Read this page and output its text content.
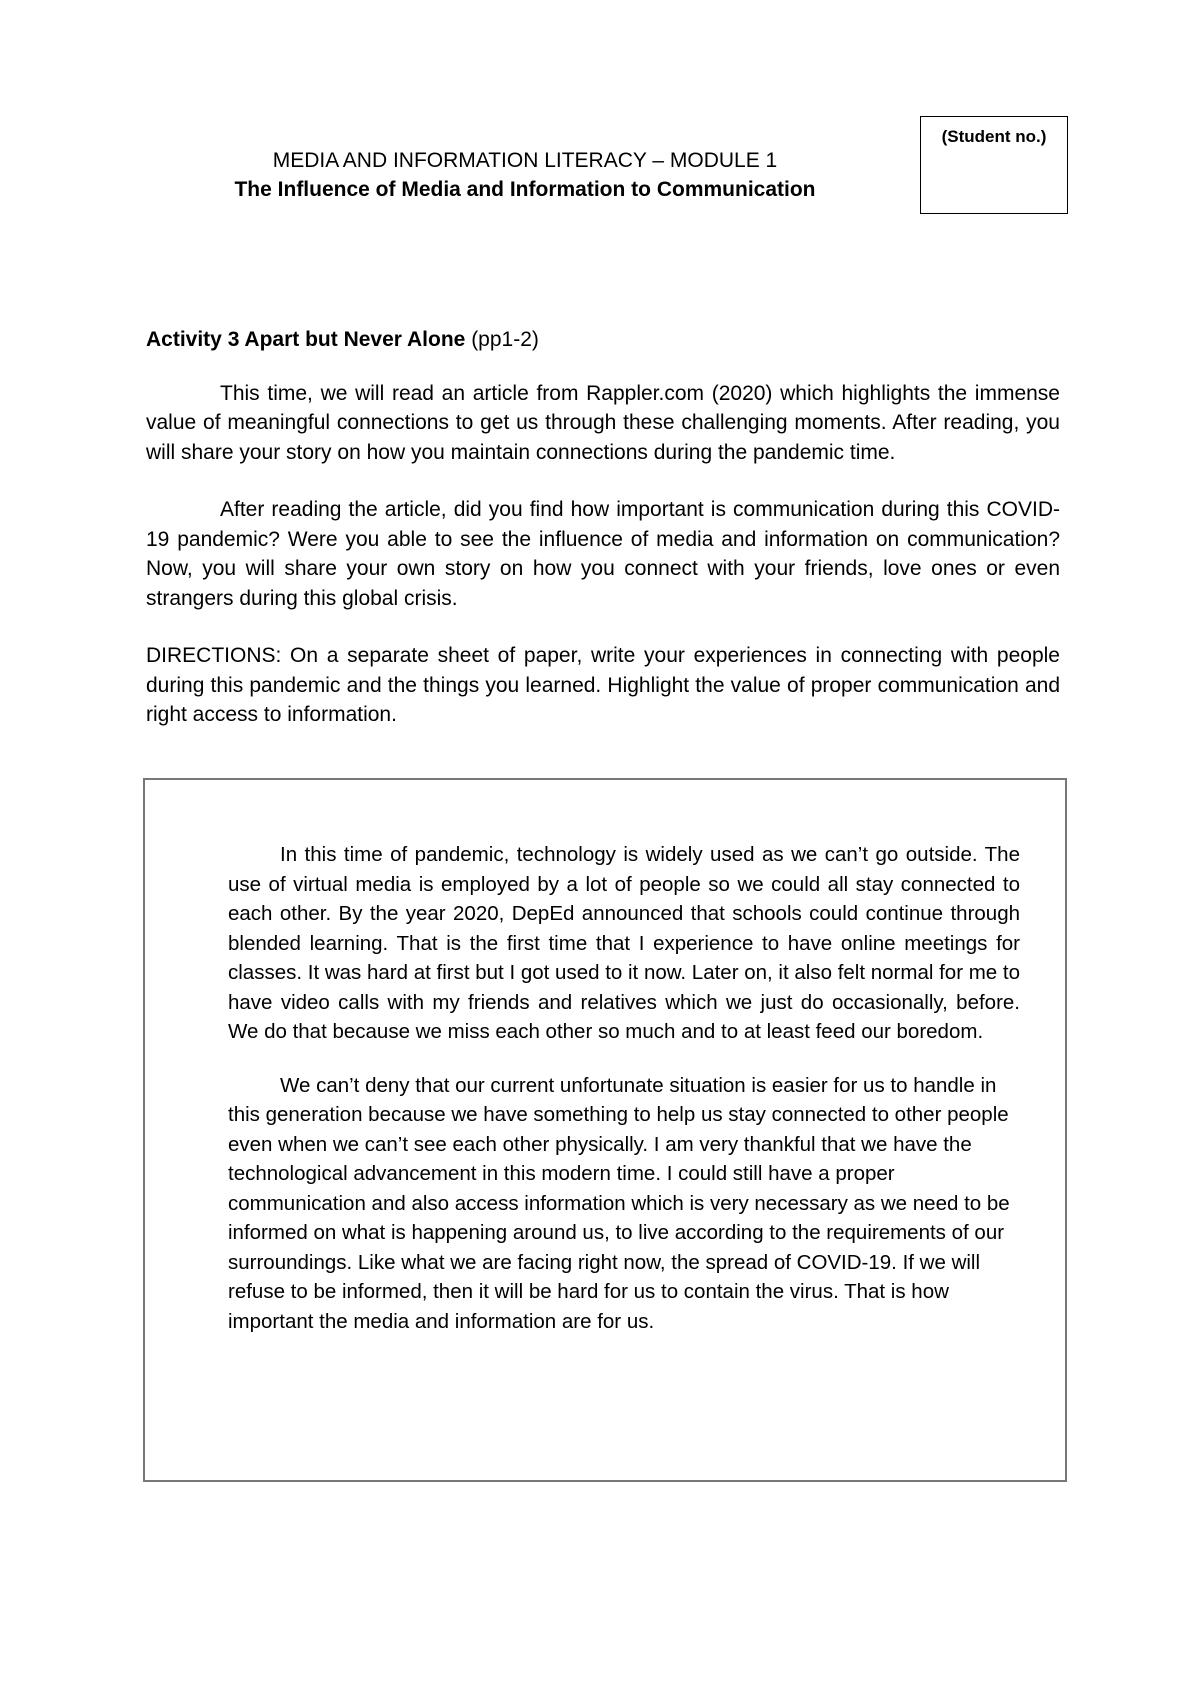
(Student no.)
MEDIA AND INFORMATION LITERACY – MODULE 1
The Influence of Media and Information to Communication

Activity 3 Apart but Never Alone (pp1-2)

This time, we will read an article from Rappler.com (2020) which highlights the immense value of meaningful connections to get us through these challenging moments. After reading, you will share your story on how you maintain connections during the pandemic time.

After reading the article, did you find how important is communication during this COVID-19 pandemic? Were you able to see the influence of media and information on communication? Now, you will share your own story on how you connect with your friends, love ones or even strangers during this global crisis.

DIRECTIONS: On a separate sheet of paper, write your experiences in connecting with people during this pandemic and the things you learned. Highlight the value of proper communication and right access to information.

In this time of pandemic, technology is widely used as we can’t go outside. The use of virtual media is employed by a lot of people so we could all stay connected to each other. By the year 2020, DepEd announced that schools could continue through blended learning. That is the first time that I experience to have online meetings for classes. It was hard at first but I got used to it now. Later on, it also felt normal for me to have video calls with my friends and relatives which we just do occasionally, before. We do that because we miss each other so much and to at least feed our boredom.

We can’t deny that our current unfortunate situation is easier for us to handle in this generation because we have something to help us stay connected to other people even when we can’t see each other physically. I am very thankful that we have the technological advancement in this modern time. I could still have a proper communication and also access information which is very necessary as we need to be informed on what is happening around us, to live according to the requirements of our surroundings. Like what we are facing right now, the spread of COVID-19. If we will refuse to be informed, then it will be hard for us to contain the virus. That is how important the media and information are for us.
